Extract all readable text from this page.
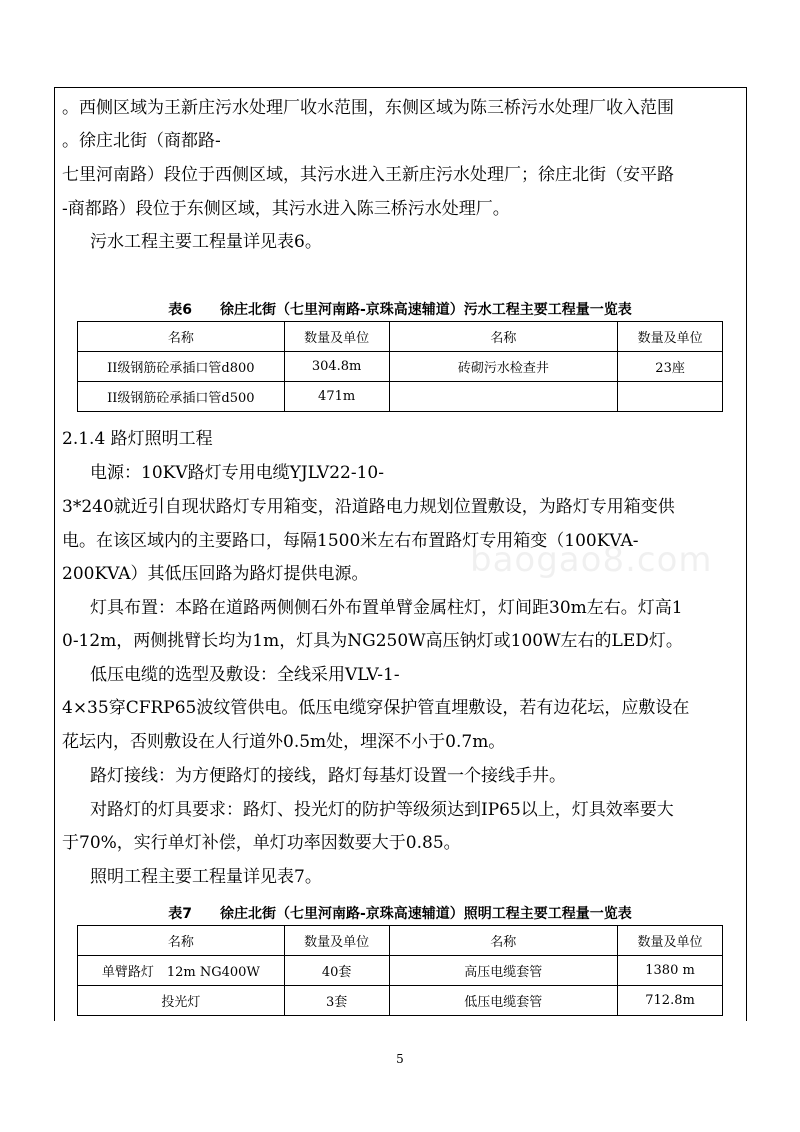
。西侧区域为王新庄污水处理厂收水范围，东侧区域为陈三桥污水处理厂收入范围
。徐庄北街（商都路-
七里河南路）段位于西侧区域，其污水进入王新庄污水处理厂；徐庄北街（安平路
-商都路）段位于东侧区域，其污水进入陈三桥污水处理厂。
污水工程主要工程量详见表6。
表6　　徐庄北街（七里河南路-京珠高速辅道）污水工程主要工程量一览表
名称	数量及单位	名称	数量及单位
II级钢筋砼承插口管d800	304.8m	砖砌污水检查井	23座
II级钢筋砼承插口管d500	471m		
2.1.4 路灯照明工程
电源：10KV路灯专用电缆YJLV22-10-
3*240就近引自现状路灯专用箱变，沿道路电力规划位置敷设，为路灯专用箱变供
电。在该区域内的主要路口，每隔1500米左右布置路灯专用箱变（100KVA-
200KVA）其低压回路为路灯提供电源。
灯具布置：本路在道路两侧侧石外布置单臂金属柱灯，灯间距30m左右。灯高1
0-12m，两侧挑臂长均为1m，灯具为NG250W高压钠灯或100W左右的LED灯。
低压电缆的选型及敷设：全线采用VLV-1-
4×35穿CFRP65波纹管供电。低压电缆穿保护管直埋敷设，若有边花坛，应敷设在
花坛内，否则敷设在人行道外0.5m处，埋深不小于0.7m。
路灯接线：为方便路灯的接线，路灯每基灯设置一个接线手井。
对路灯的灯具要求：路灯、投光灯的防护等级须达到IP65以上，灯具效率要大
于70%，实行单灯补偿，单灯功率因数要大于0.85。
照明工程主要工程量详见表7。
表7　　徐庄北街（七里河南路-京珠高速辅道）照明工程主要工程量一览表
名称	数量及单位	名称	数量及单位
单臂路灯　12m NG400W	40套	高压电缆套管	1380 m
投光灯	3套	低压电缆套管	712.8m
baogao8.com
5
